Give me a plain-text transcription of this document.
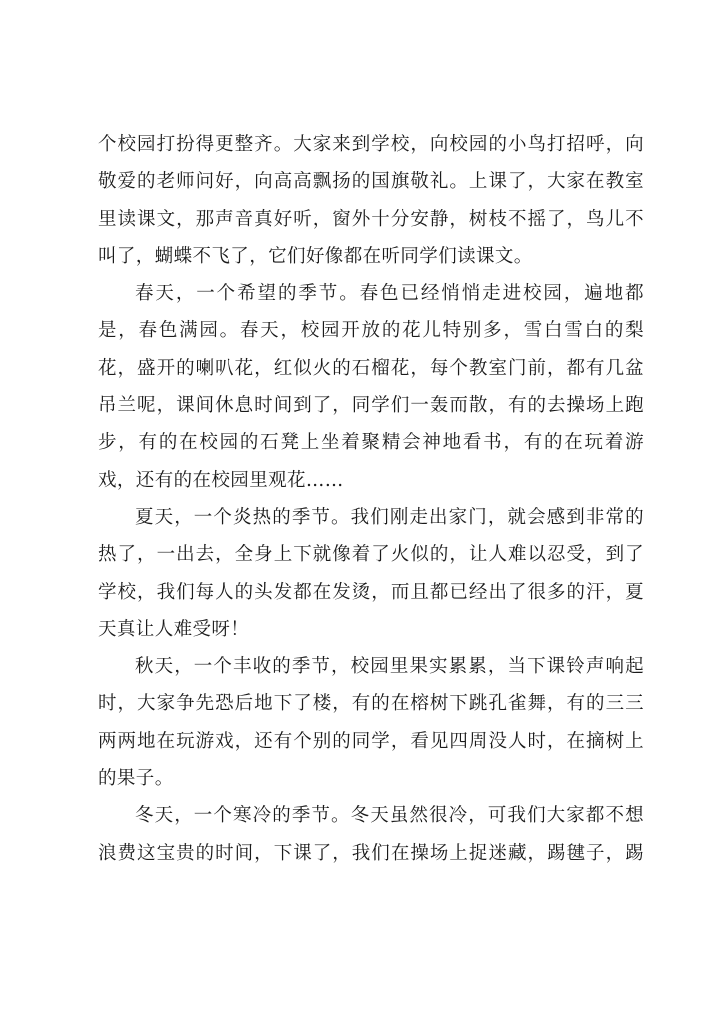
个校园打扮得更整齐。大家来到学校，向校园的小鸟打招呼，向
敬爱的老师问好，向高高飘扬的国旗敬礼。上课了，大家在教室
里读课文，那声音真好听，窗外十分安静，树枝不摇了，鸟儿不
叫了，蝴蝶不飞了，它们好像都在听同学们读课文。
春天，一个希望的季节。春色已经悄悄走进校园，遍地都
是，春色满园。春天，校园开放的花儿特别多，雪白雪白的梨
花，盛开的喇叭花，红似火的石榴花，每个教室门前，都有几盆
吊兰呢，课间休息时间到了，同学们一轰而散，有的去操场上跑
步，有的在校园的石凳上坐着聚精会神地看书，有的在玩着游
戏，还有的在校园里观花……
夏天，一个炎热的季节。我们刚走出家门，就会感到非常的
热了，一出去，全身上下就像着了火似的，让人难以忍受，到了
学校，我们每人的头发都在发烫，而且都已经出了很多的汗，夏
天真让人难受呀！
秋天，一个丰收的季节，校园里果实累累，当下课铃声响起
时，大家争先恐后地下了楼，有的在榕树下跳孔雀舞，有的三三
两两地在玩游戏，还有个别的同学，看见四周没人时，在摘树上
的果子。
冬天，一个寒冷的季节。冬天虽然很冷，可我们大家都不想
浪费这宝贵的时间，下课了，我们在操场上捉迷藏，踢毽子，踢
